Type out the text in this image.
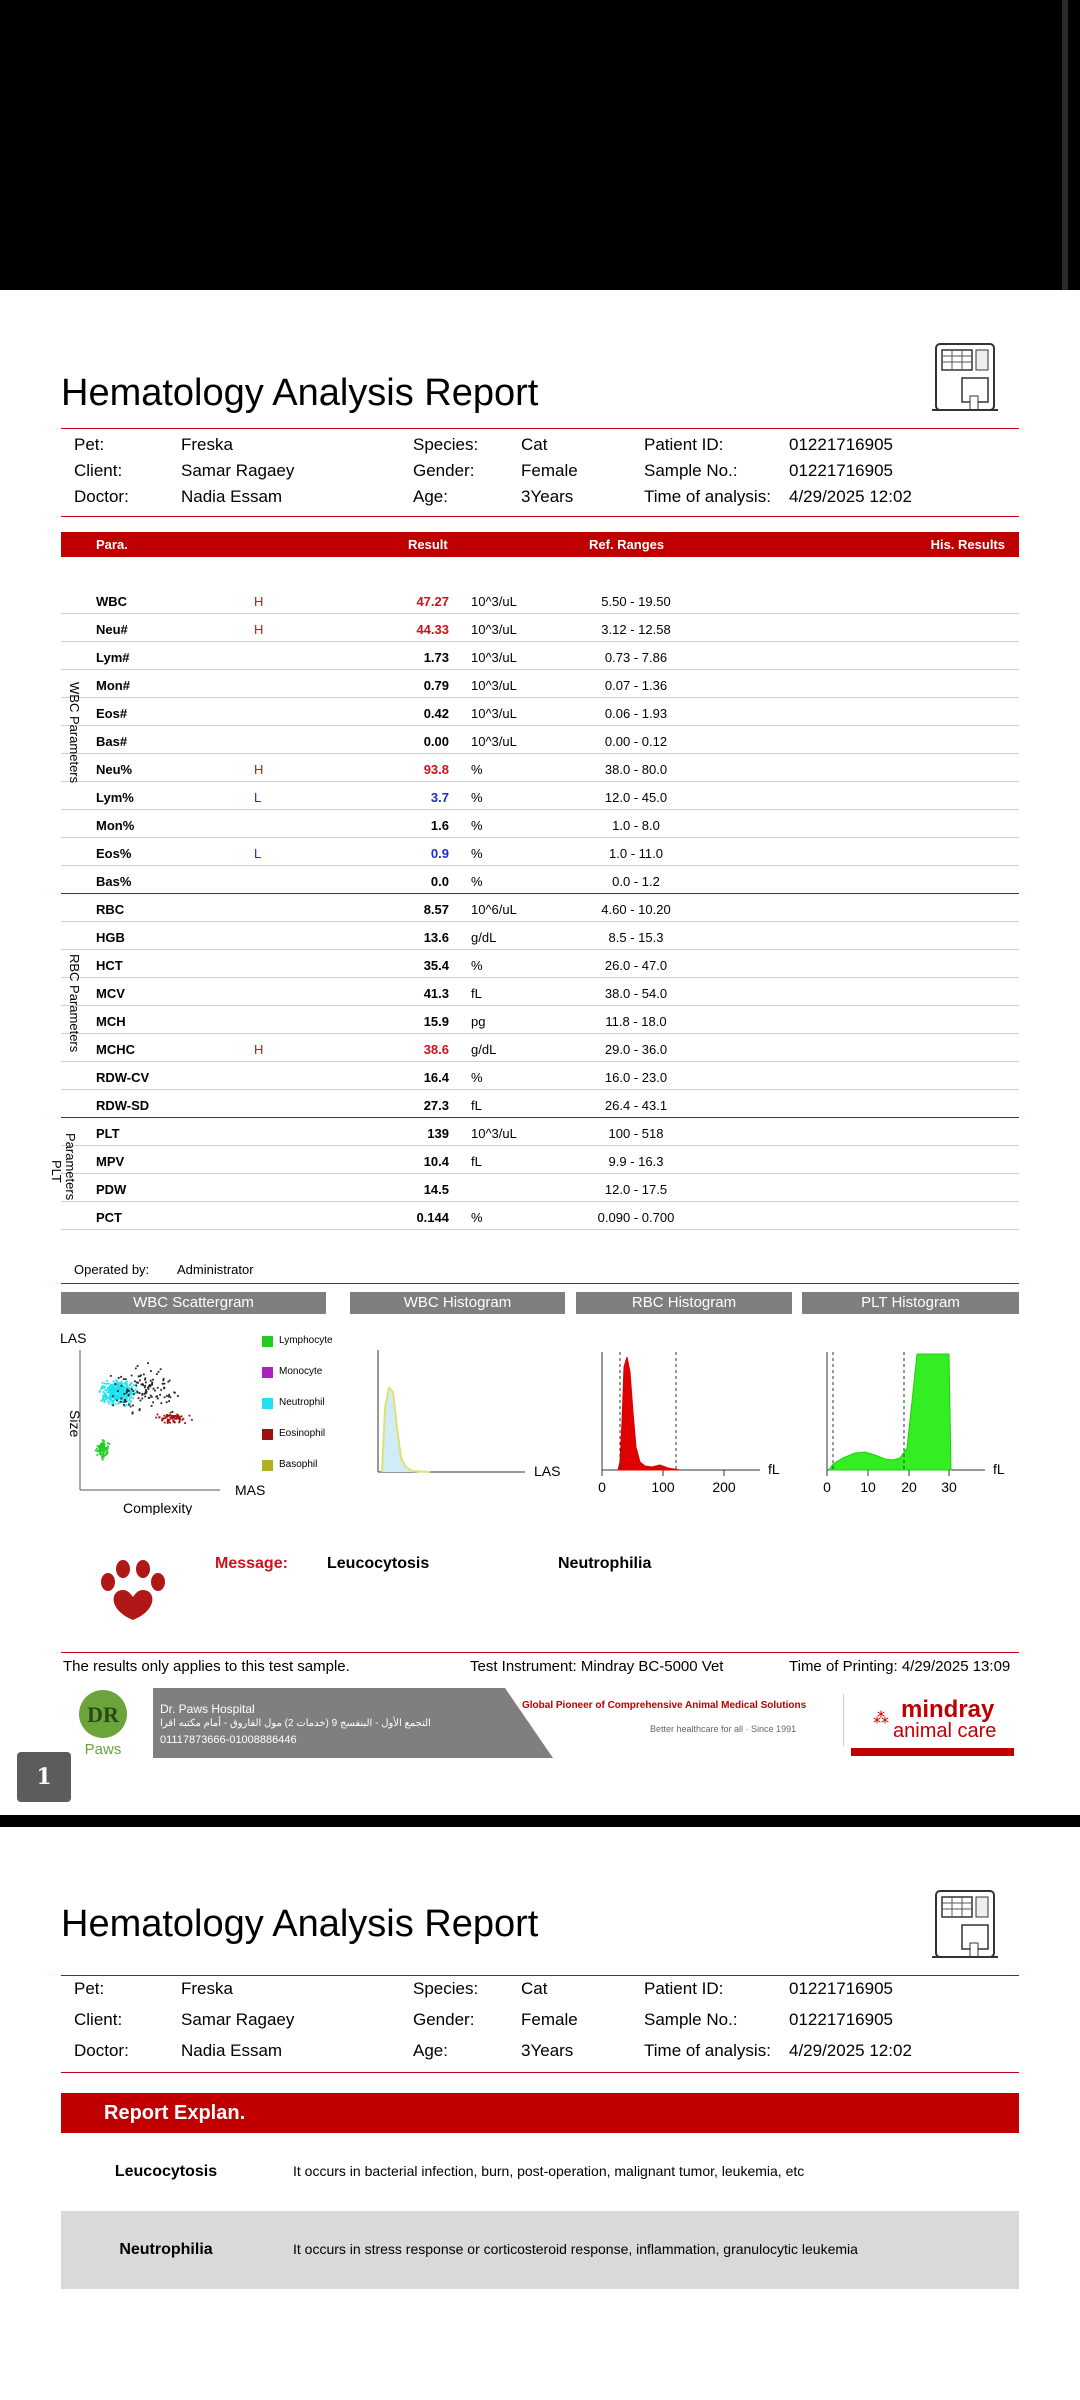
Hematology Analysis Report
Pet:	Freska	Species:	Cat	Patient ID:	01221716905
Client:	Samar Ragaey	Gender:	Female	Sample No.:	01221716905
Doctor:	Nadia Essam	Age:	3Years	Time of analysis: 4/29/2025 12:02
Para.	Result	Ref. Ranges	His. Results
WBC	H	47.27 10^3/uL	5.50 - 19.50
Neu#	H	44.33 10^3/uL	3.12 - 12.58
Lym#	1.73 10^3/uL	0.73 - 7.86
Mon#	0.79 10^3/uL	0.07 - 1.36
Eos#	0.42 10^3/uL	0.06 - 1.93
Bas#	0.00 10^3/uL	0.00 - 0.12
Neu%	H	93.8 %	38.0 - 80.0
Lym%	L	3.7 %	12.0 - 45.0
Mon%	1.6 %	1.0 - 8.0
Eos%	L	0.9 %	1.0 - 11.0
Bas%	0.0 %	0.0 - 1.2
RBC	8.57 10^6/uL	4.60 - 10.20
HGB	13.6 g/dL	8.5 - 15.3
HCT	35.4 %	26.0 - 47.0
MCV	41.3 fL	38.0 - 54.0
MCH	15.9 pg	11.8 - 18.0
MCHC	H	38.6 g/dL	29.0 - 36.0
RDW-CV	16.4 %	16.0 - 23.0
RDW-SD	27.3 fL	26.4 - 43.1
PLT	139 10^3/uL	100 - 518
MPV	10.4 fL	9.9 - 16.3
PDW	14.5	12.0 - 17.5
PCT	0.144 %	0.090 - 0.700
WBC Parameters
RBC Parameters
Parameters
PLT
Operated by: Administrator
WBC Scattergram	WBC Histogram	RBC Histogram	PLT Histogram
LAS
MAS
Complexity
Size
LAS
0	100	200
fL
0 10 20 30
fL
Message: Leucocytosis	Neutrophilia
The results only applies to this test sample.	Test Instrument: Mindray BC-5000 Vet	Time of Printing: 4/29/2025 13:09
DR
Paws
Dr. Paws Hospital
التجمع الأول - البنفسج 9 (خدمات 2) مول الفاروق - أمام مكتبه اقرا
01117873666-01008886446
Global Pioneer of Comprehensive Animal Medical Solutions
Better healthcare for all · Since 1991
mindray
⁂
animal care
1
Lymphocyte
Monocyte
Neutrophil
Eosinophil
Basophil
Hematology Analysis Report
Pet:	Freska	Species:	Cat	Patient ID:	01221716905
Client:	Samar Ragaey	Gender:	Female	Sample No.:	01221716905
Doctor:	Nadia Essam	Age:	3Years	Time of analysis: 4/29/2025 12:02
Report Explan.
Leucocytosis	It occurs in bacterial infection, burn, post-operation, malignant tumor, leukemia, etc
Neutrophilia	It occurs in stress response or corticosteroid response, inflammation, granulocytic leukemia
